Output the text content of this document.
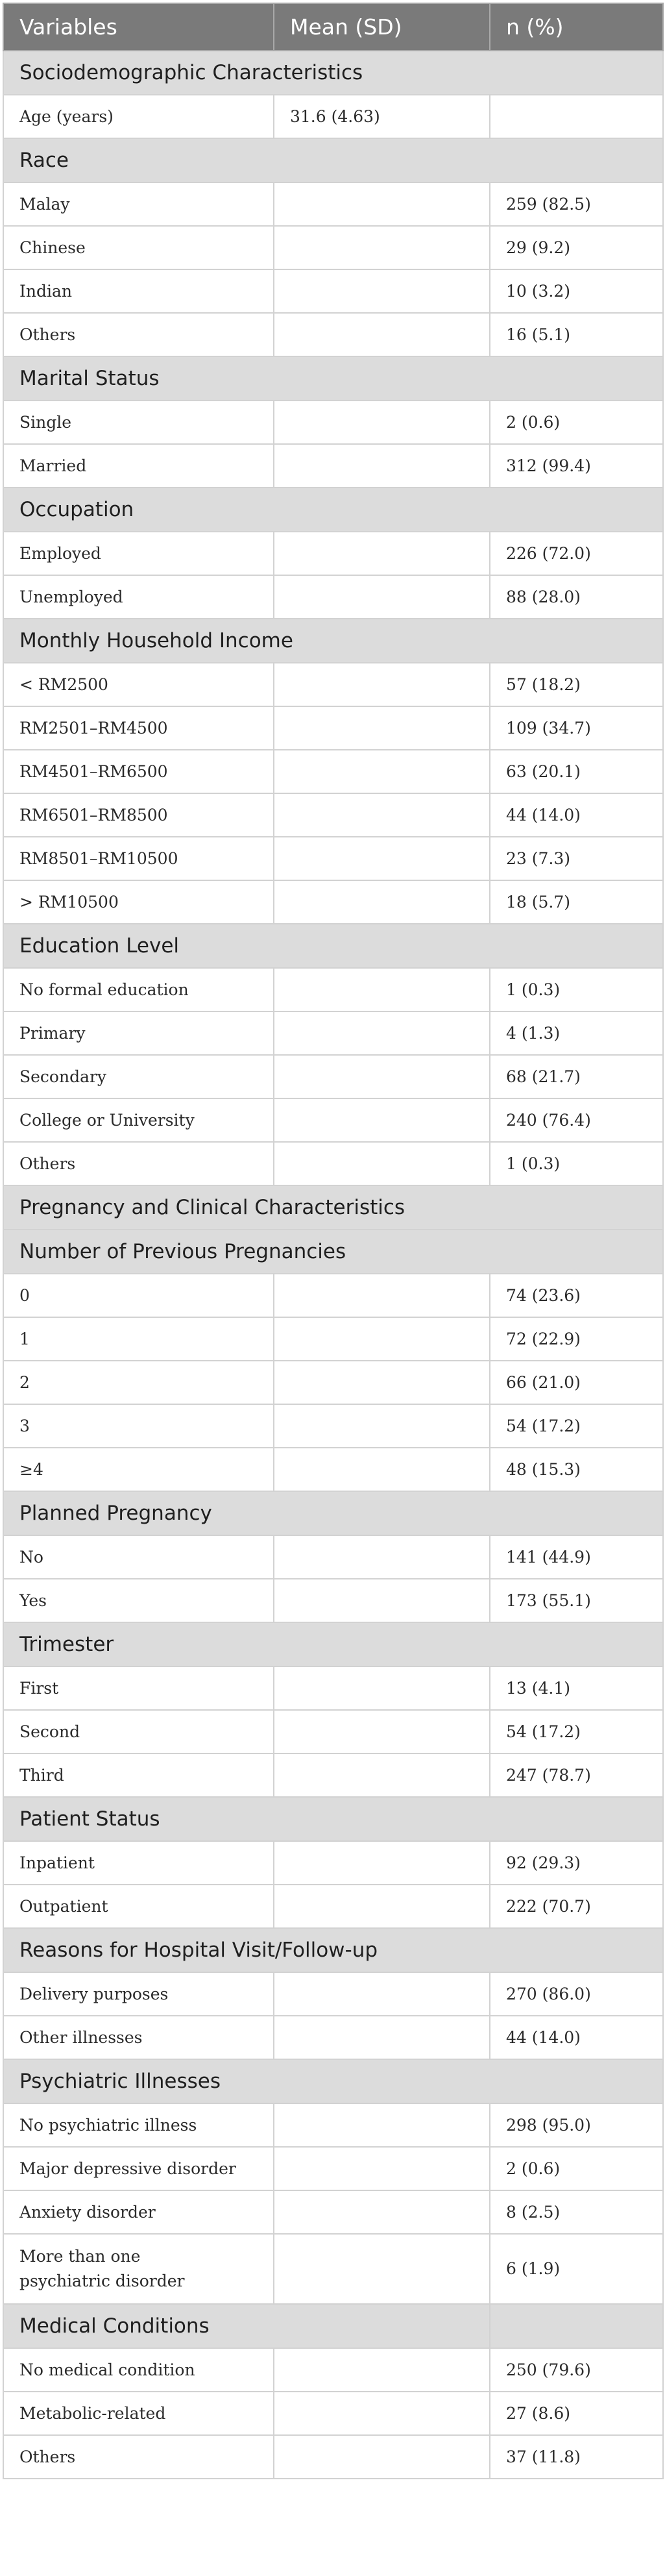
Variables	Mean (SD)	n (%)
Sociodemographic Characteristics		
Age (years)	31.6 (4.63)	
Race		
Malay		259 (82.5)
Chinese		29 (9.2)
Indian		10 (3.2)
Others		16 (5.1)
Marital Status		
Single		2 (0.6)
Married		312 (99.4)
Occupation		
Employed		226 (72.0)
Unemployed		88 (28.0)
Monthly Household Income		
< RM2500		57 (18.2)
RM2501–RM4500		109 (34.7)
RM4501–RM6500		63 (20.1)
RM6501–RM8500		44 (14.0)
RM8501–RM10500		23 (7.3)
> RM10500		18 (5.7)
Education Level		
No formal education		1 (0.3)
Primary		4 (1.3)
Secondary		68 (21.7)
College or University		240 (76.4)
Others		1 (0.3)
Pregnancy and Clinical Characteristics		
Number of Previous Pregnancies		
0		74 (23.6)
1		72 (22.9)
2		66 (21.0)
3		54 (17.2)
≥4		48 (15.3)
Planned Pregnancy		
No		141 (44.9)
Yes		173 (55.1)
Trimester		
First		13 (4.1)
Second		54 (17.2)
Third		247 (78.7)
Patient Status		
Inpatient		92 (29.3)
Outpatient		222 (70.7)
Reasons for Hospital Visit/Follow-up		
Delivery purposes		270 (86.0)
Other illnesses		44 (14.0)
Psychiatric Illnesses		
No psychiatric illness		298 (95.0)
Major depressive disorder		2 (0.6)
Anxiety disorder		8 (2.5)
More than one
psychiatric disorder		6 (1.9)
Medical Conditions		
No medical condition		250 (79.6)
Metabolic-related		27 (8.6)
Others		37 (11.8)
